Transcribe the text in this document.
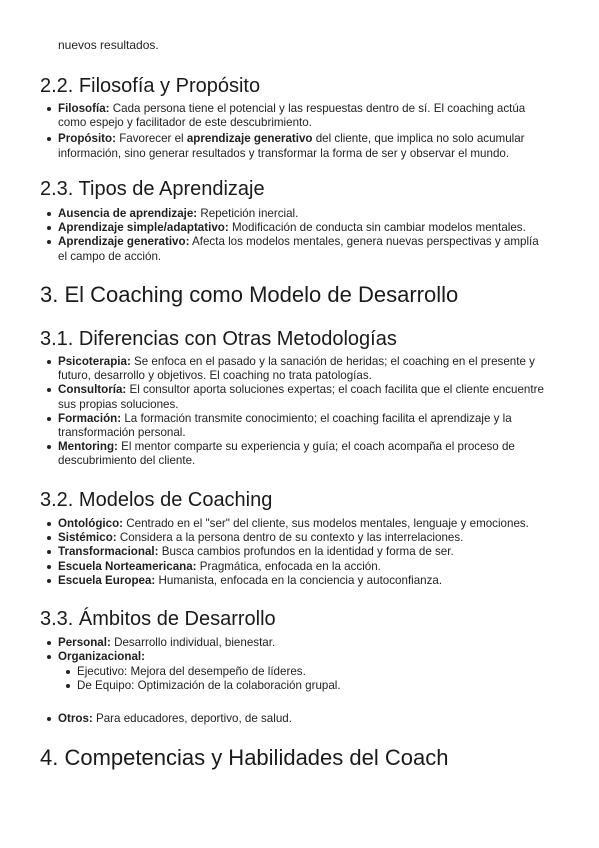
nuevos resultados.

2.2. Filosofía y Propósito
Filosofía: Cada persona tiene el potencial y las respuestas dentro de sí. El coaching actúa como espejo y facilitador de este descubrimiento.
Propósito: Favorecer el aprendizaje generativo del cliente, que implica no solo acumular información, sino generar resultados y transformar la forma de ser y observar el mundo.
2.3. Tipos de Aprendizaje
Ausencia de aprendizaje: Repetición inercial.
Aprendizaje simple/adaptativo: Modificación de conducta sin cambiar modelos mentales.
Aprendizaje generativo: Afecta los modelos mentales, genera nuevas perspectivas y amplía el campo de acción.
3. El Coaching como Modelo de Desarrollo
3.1. Diferencias con Otras Metodologías
Psicoterapia: Se enfoca en el pasado y la sanación de heridas; el coaching en el presente y futuro, desarrollo y objetivos. El coaching no trata patologías.
Consultoría: El consultor aporta soluciones expertas; el coach facilita que el cliente encuentre sus propias soluciones.
Formación: La formación transmite conocimiento; el coaching facilita el aprendizaje y la transformación personal.
Mentoring: El mentor comparte su experiencia y guía; el coach acompaña el proceso de descubrimiento del cliente.
3.2. Modelos de Coaching
Ontológico: Centrado en el "ser" del cliente, sus modelos mentales, lenguaje y emociones.
Sistémico: Considera a la persona dentro de su contexto y las interrelaciones.
Transformacional: Busca cambios profundos en la identidad y forma de ser.
Escuela Norteamericana: Pragmática, enfocada en la acción.
Escuela Europea: Humanista, enfocada en la conciencia y autoconfianza.
3.3. Ámbitos de Desarrollo
Personal: Desarrollo individual, bienestar.
Organizacional:
Ejecutivo: Mejora del desempeño de líderes.
De Equipo: Optimización de la colaboración grupal.
Otros: Para educadores, deportivo, de salud.
4. Competencias y Habilidades del Coach
